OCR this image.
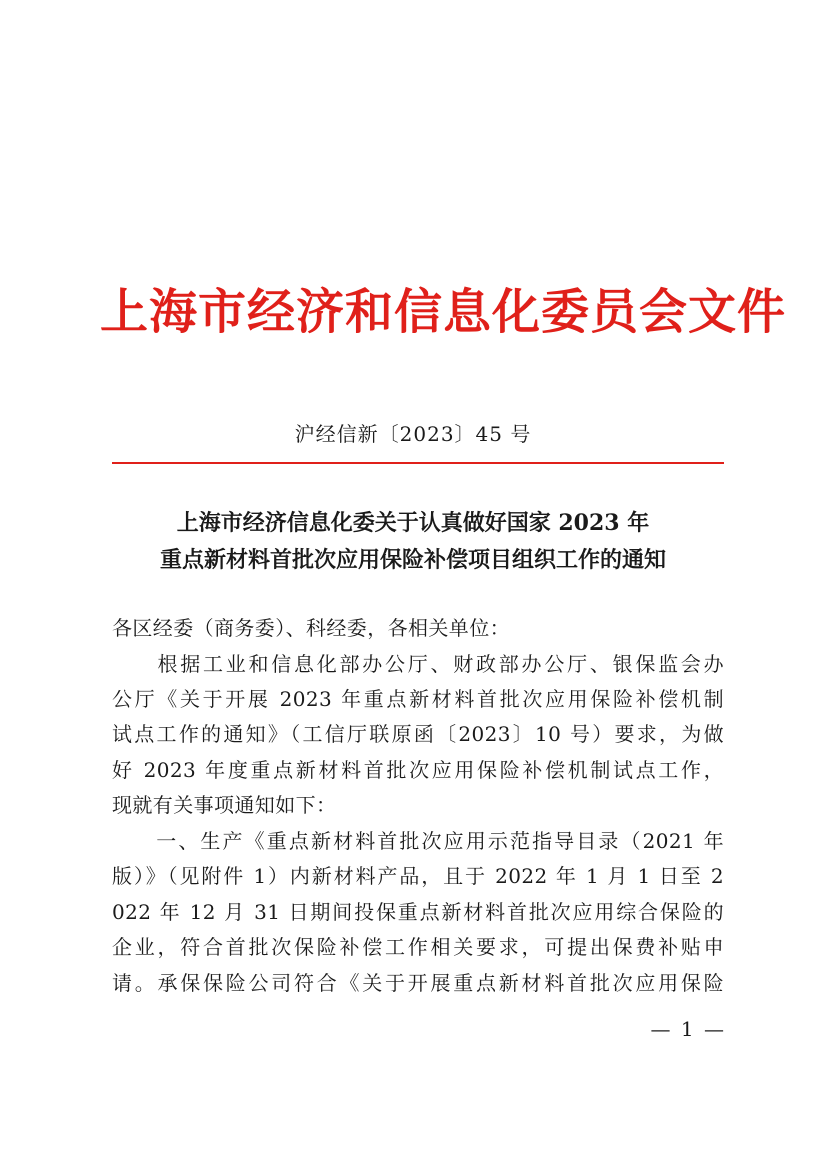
上海市经济和信息化委员会文件
沪经信新〔2023〕45 号
上海市经济信息化委关于认真做好国家 2023 年
重点新材料首批次应用保险补偿项目组织工作的通知
各区经委（商务委）、科经委，各相关单位：
　　根据工业和信息化部办公厅、财政部办公厅、银保监会办
公厅《关于开展 2023 年重点新材料首批次应用保险补偿机制
试点工作的通知》（工信厅联原函〔2023〕10 号）要求，为做
好 2023 年度重点新材料首批次应用保险补偿机制试点工作，
现就有关事项通知如下：
　　一、生产《重点新材料首批次应用示范指导目录（2021 年
版）》（见附件 1）内新材料产品，且于 2022 年 1 月 1 日至 2
022 年 12 月 31 日期间投保重点新材料首批次应用综合保险的
企业，符合首批次保险补偿工作相关要求，可提出保费补贴申
请。承保保险公司符合《关于开展重点新材料首批次应用保险
— 1 —
